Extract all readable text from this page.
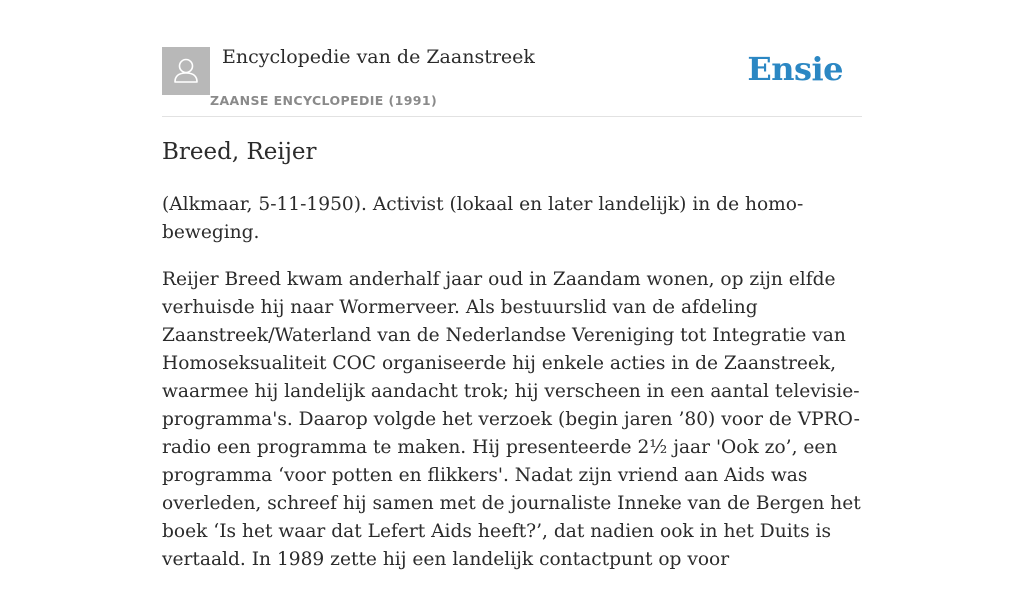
Encyclopedie van de Zaanstreek
ZAANSE ENCYCLOPEDIE (1991)
Ensie
Breed, Reijer

(Alkmaar, 5-11-1950). Activist (lokaal en later landelijk) in de homo-beweging.

Reijer Breed kwam anderhalf jaar oud in Zaandam wonen, op zijn elfde verhuisde hij naar Wormerveer. Als bestuurslid van de afdeling Zaanstreek/Waterland van de Nederlandse Vereniging tot Integratie van Homoseksualiteit COC organiseerde hij enkele acties in de Zaanstreek, waarmee hij landelijk aandacht trok; hij verscheen in een aantal televisie-programma's. Daarop volgde het verzoek (begin jaren ’80) voor de VPRO-radio een programma te maken. Hij presenteerde 2½ jaar 'Ook zo’, een programma ‘voor potten en flikkers'. Nadat zijn vriend aan Aids was overleden, schreef hij samen met de journaliste Inneke van de Bergen het boek ‘Is het waar dat Lefert Aids heeft?’, dat nadien ook in het Duits is vertaald. In 1989 zette hij een landelijk contactpunt op voor
